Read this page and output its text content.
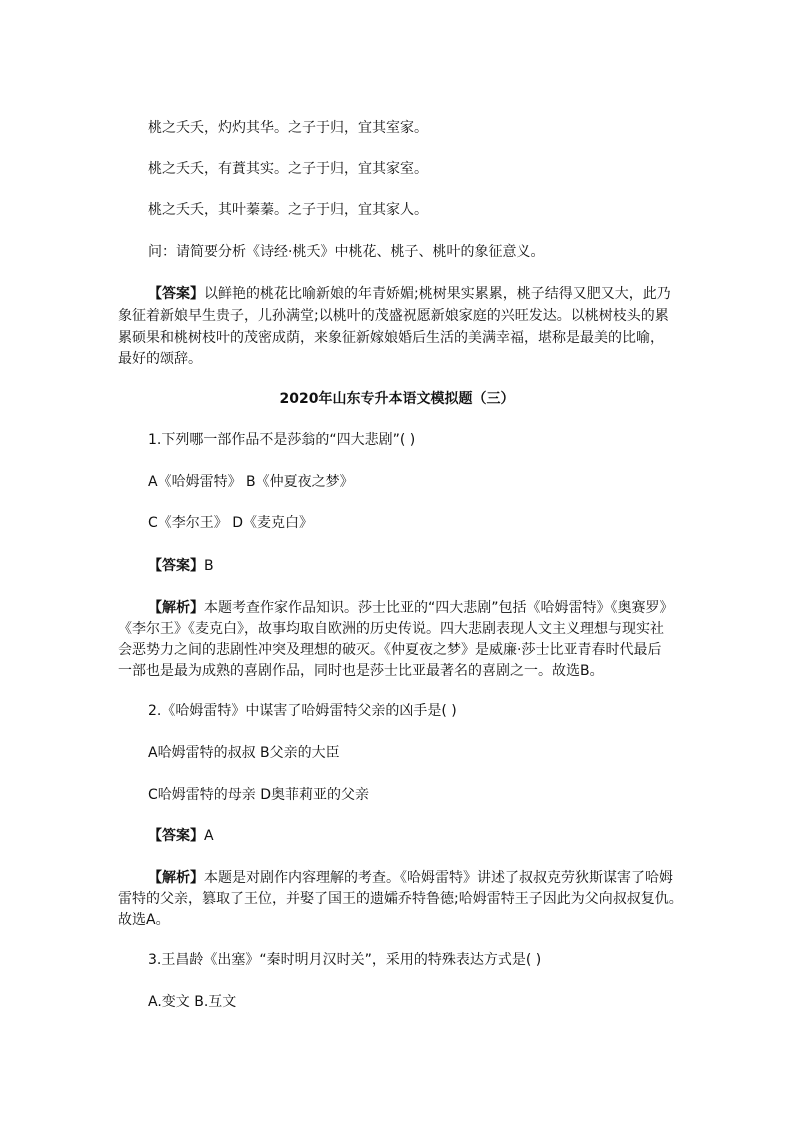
桃之夭夭，灼灼其华。之子于归，宜其室家。
桃之夭夭，有蕡其实。之子于归，宜其家室。
桃之夭夭，其叶蓁蓁。之子于归，宜其家人。
问：请简要分析《诗经·桃夭》中桃花、桃子、桃叶的象征意义。
【答案】以鲜艳的桃花比喻新娘的年青娇媚;桃树果实累累，桃子结得又肥又大，此乃
象征着新娘早生贵子，儿孙满堂;以桃叶的茂盛祝愿新娘家庭的兴旺发达。以桃树枝头的累
累硕果和桃树枝叶的茂密成荫，来象征新嫁娘婚后生活的美满幸福，堪称是最美的比喻，
最好的颂辞。
2020年山东专升本语文模拟题（三）
1.下列哪一部作品不是莎翁的“四大悲剧”( )
A《哈姆雷特》 B《仲夏夜之梦》
C《李尔王》 D《麦克白》
【答案】B
【解析】本题考查作家作品知识。莎士比亚的“四大悲剧”包括《哈姆雷特》《奥赛罗》
《李尔王》《麦克白》，故事均取自欧洲的历史传说。四大悲剧表现人文主义理想与现实社
会恶势力之间的悲剧性冲突及理想的破灭。《仲夏夜之梦》是威廉·莎士比亚青春时代最后
一部也是最为成熟的喜剧作品，同时也是莎士比亚最著名的喜剧之一。故选B。
2.《哈姆雷特》中谋害了哈姆雷特父亲的凶手是( )
A哈姆雷特的叔叔 B父亲的大臣
C哈姆雷特的母亲 D奥菲莉亚的父亲
【答案】A
【解析】本题是对剧作内容理解的考查。《哈姆雷特》讲述了叔叔克劳狄斯谋害了哈姆
雷特的父亲，篡取了王位，并娶了国王的遗孀乔特鲁德;哈姆雷特王子因此为父向叔叔复仇。
故选A。
3.王昌龄《出塞》“秦时明月汉时关”，采用的特殊表达方式是( )
A.变文 B.互文
